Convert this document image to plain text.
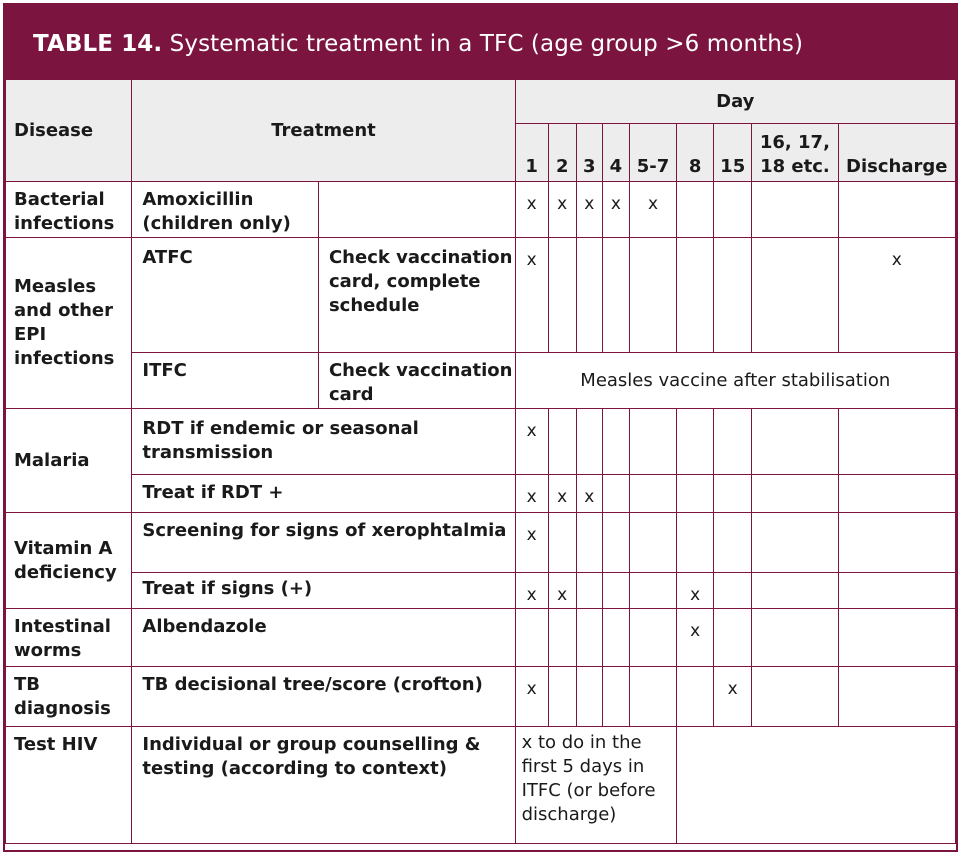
TABLE 14. Systematic treatment in a TFC (age group >6 months)
Disease	Treatment		Day								
			1	2	3	4	5-7	8	15	16, 17, 18 etc.	Discharge
Bacterial infections	Amoxicillin (children only)		x	x	x	x	x				
Measles and other EPI infections	ATFC	Check vaccination card, complete schedule	x								x
	ITFC	Check vaccination card	Measles vaccine after stabilisation								
Malaria	RDT if endemic or seasonal transmission		x								
	Treat if RDT +		x	x	x						
Vitamin A deficiency	Screening for signs of xerophtalmia		x								
	Treat if signs (+)		x	x				x			
Intestinal worms	Albendazole							x			
TB diagnosis	TB decisional tree/score (crofton)		x						x		
Test HIV	Individual or group counselling & testing (according to context)		x to do in the first 5 days in ITFC (or before discharge)								
